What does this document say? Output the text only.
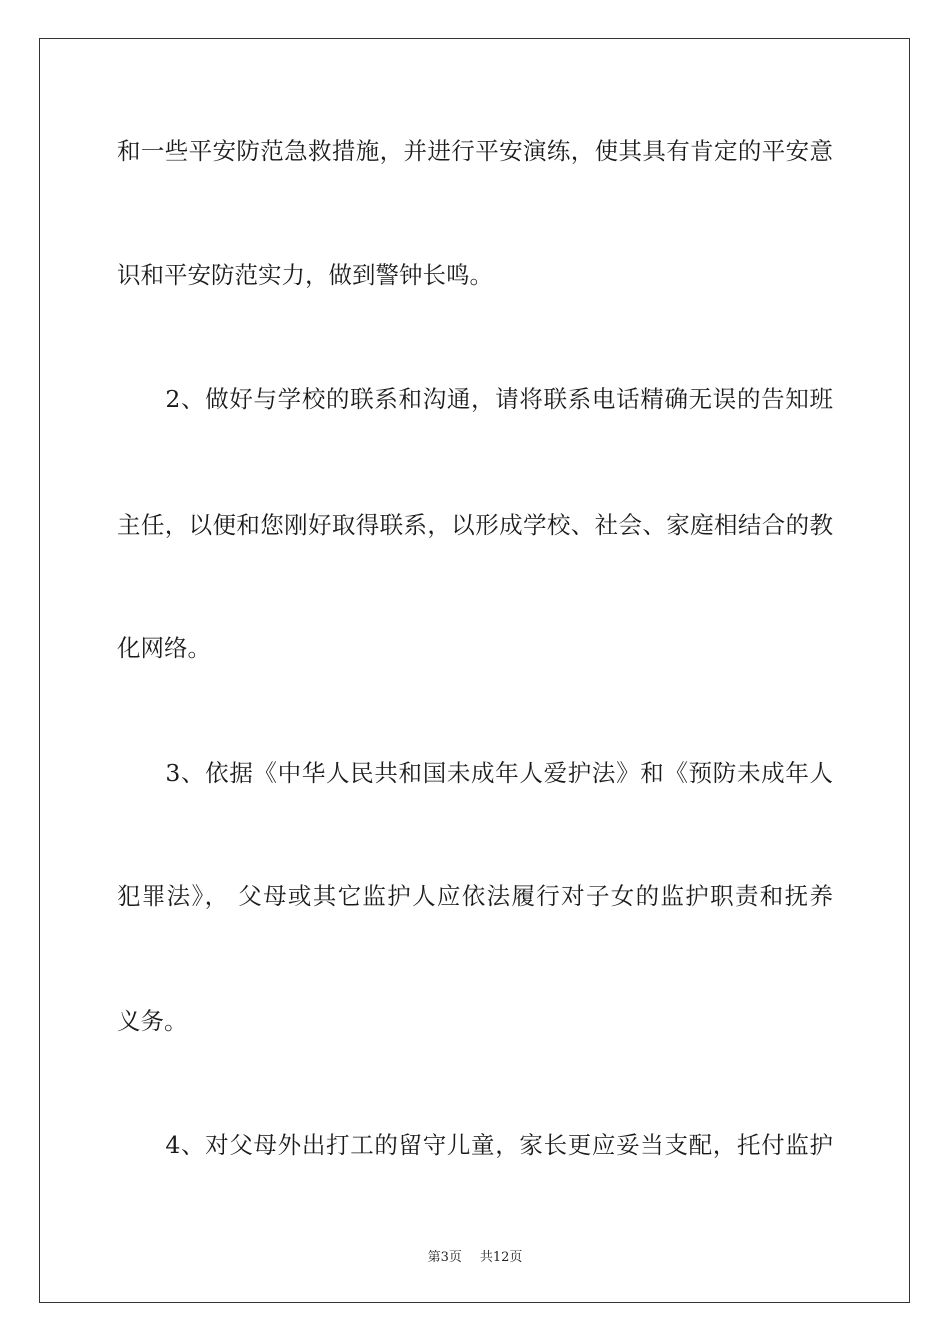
和一些平安防范急救措施，并进行平安演练，使其具有肯定的平安意
识和平安防范实力，做到警钟长鸣。
　　2、做好与学校的联系和沟通，请将联系电话精确无误的告知班
主任，以便和您刚好取得联系，以形成学校、社会、家庭相结合的教
化网络。
　　3、依据《中华人民共和国未成年人爱护法》和《预防未成年人
犯罪法》， 父母或其它监护人应依法履行对子女的监护职责和抚养
义务。
　　4、对父母外出打工的留守儿童，家长更应妥当支配，托付监护
第3页 共12页
